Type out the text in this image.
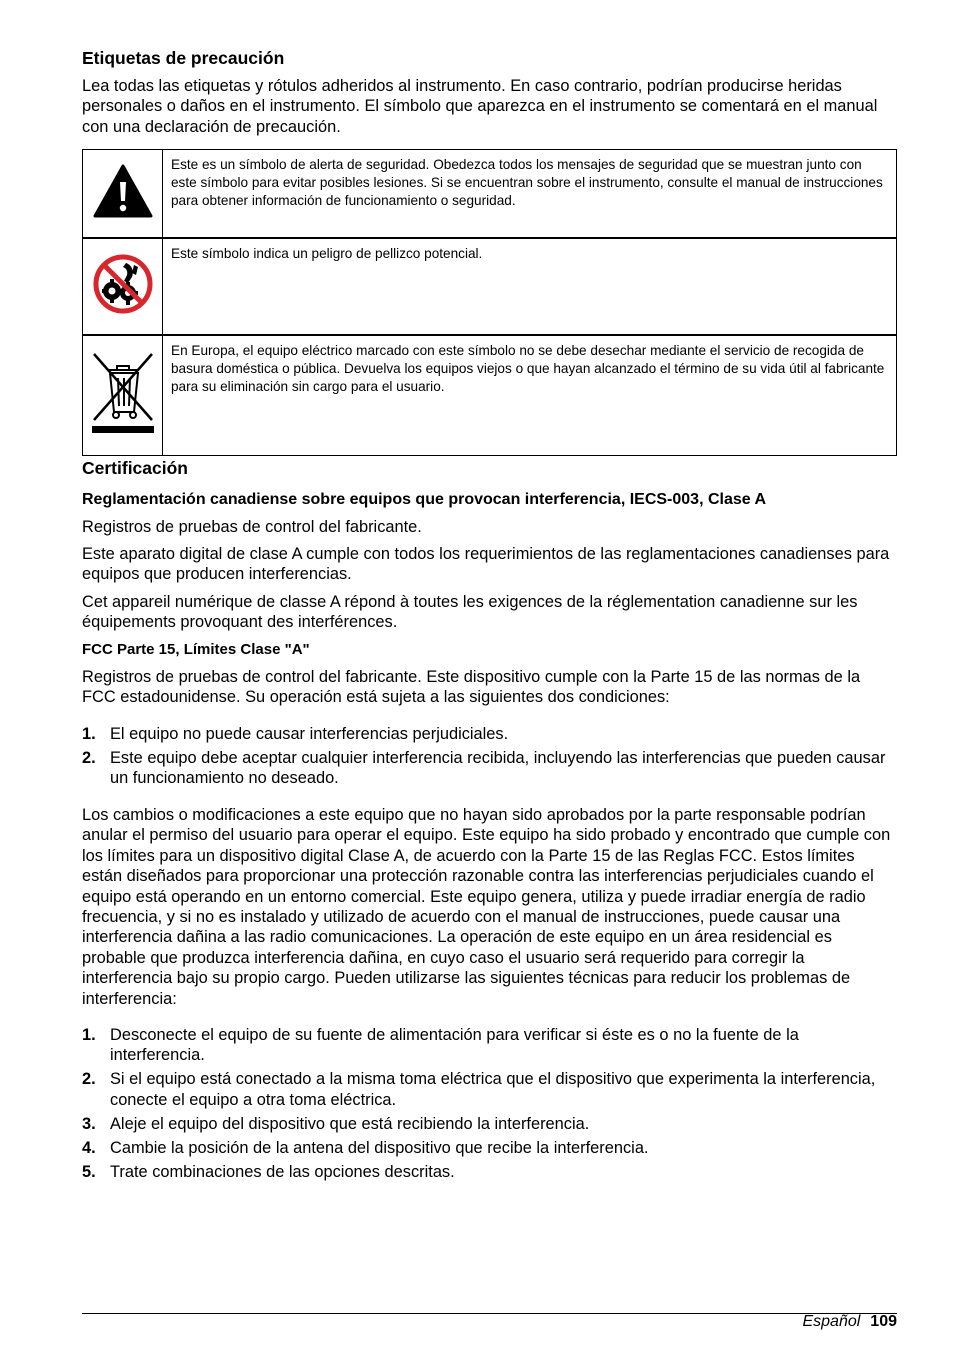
Etiquetas de precaución

Lea todas las etiquetas y rótulos adheridos al instrumento. En caso contrario, podrían producirse heridas personales o daños en el instrumento. El símbolo que aparezca en el instrumento se comentará en el manual con una declaración de precaución.

	Este es un símbolo de alerta de seguridad. Obedezca todos los mensajes de seguridad que se muestran junto con este símbolo para evitar posibles lesiones. Si se encuentran sobre el instrumento, consulte el manual de instrucciones para obtener información de funcionamiento o seguridad.
	Este símbolo indica un peligro de pellizco potencial.
	En Europa, el equipo eléctrico marcado con este símbolo no se debe desechar mediante el servicio de recogida de basura doméstica o pública. Devuelva los equipos viejos o que hayan alcanzado el término de su vida útil al fabricante para su eliminación sin cargo para el usuario.
Certificación
Reglamentación canadiense sobre equipos que provocan interferencia, IECS-003, Clase A

Registros de pruebas de control del fabricante.

Este aparato digital de clase A cumple con todos los requerimientos de las reglamentaciones canadienses para equipos que producen interferencias.

Cet appareil numérique de classe A répond à toutes les exigences de la réglementation canadienne sur les équipements provoquant des interférences.

FCC Parte 15, Límites Clase "A"

Registros de pruebas de control del fabricante. Este dispositivo cumple con la Parte 15 de las normas de la FCC estadounidense. Su operación está sujeta a las siguientes dos condiciones:

1. El equipo no puede causar interferencias perjudiciales.
2. Este equipo debe aceptar cualquier interferencia recibida, incluyendo las interferencias que pueden causar un funcionamiento no deseado.

Los cambios o modificaciones a este equipo que no hayan sido aprobados por la parte responsable podrían anular el permiso del usuario para operar el equipo. Este equipo ha sido probado y encontrado que cumple con los límites para un dispositivo digital Clase A, de acuerdo con la Parte 15 de las Reglas FCC. Estos límites están diseñados para proporcionar una protección razonable contra las interferencias perjudiciales cuando el equipo está operando en un entorno comercial. Este equipo genera, utiliza y puede irradiar energía de radio frecuencia, y si no es instalado y utilizado de acuerdo con el manual de instrucciones, puede causar una interferencia dañina a las radio comunicaciones. La operación de este equipo en un área residencial es probable que produzca interferencia dañina, en cuyo caso el usuario será requerido para corregir la interferencia bajo su propio cargo. Pueden utilizarse las siguientes técnicas para reducir los problemas de interferencia:

1. Desconecte el equipo de su fuente de alimentación para verificar si éste es o no la fuente de la interferencia.
2. Si el equipo está conectado a la misma toma eléctrica que el dispositivo que experimenta la interferencia, conecte el equipo a otra toma eléctrica.
3. Aleje el equipo del dispositivo que está recibiendo la interferencia.
4. Cambie la posición de la antena del dispositivo que recibe la interferencia.
5. Trate combinaciones de las opciones descritas.
Español 109
